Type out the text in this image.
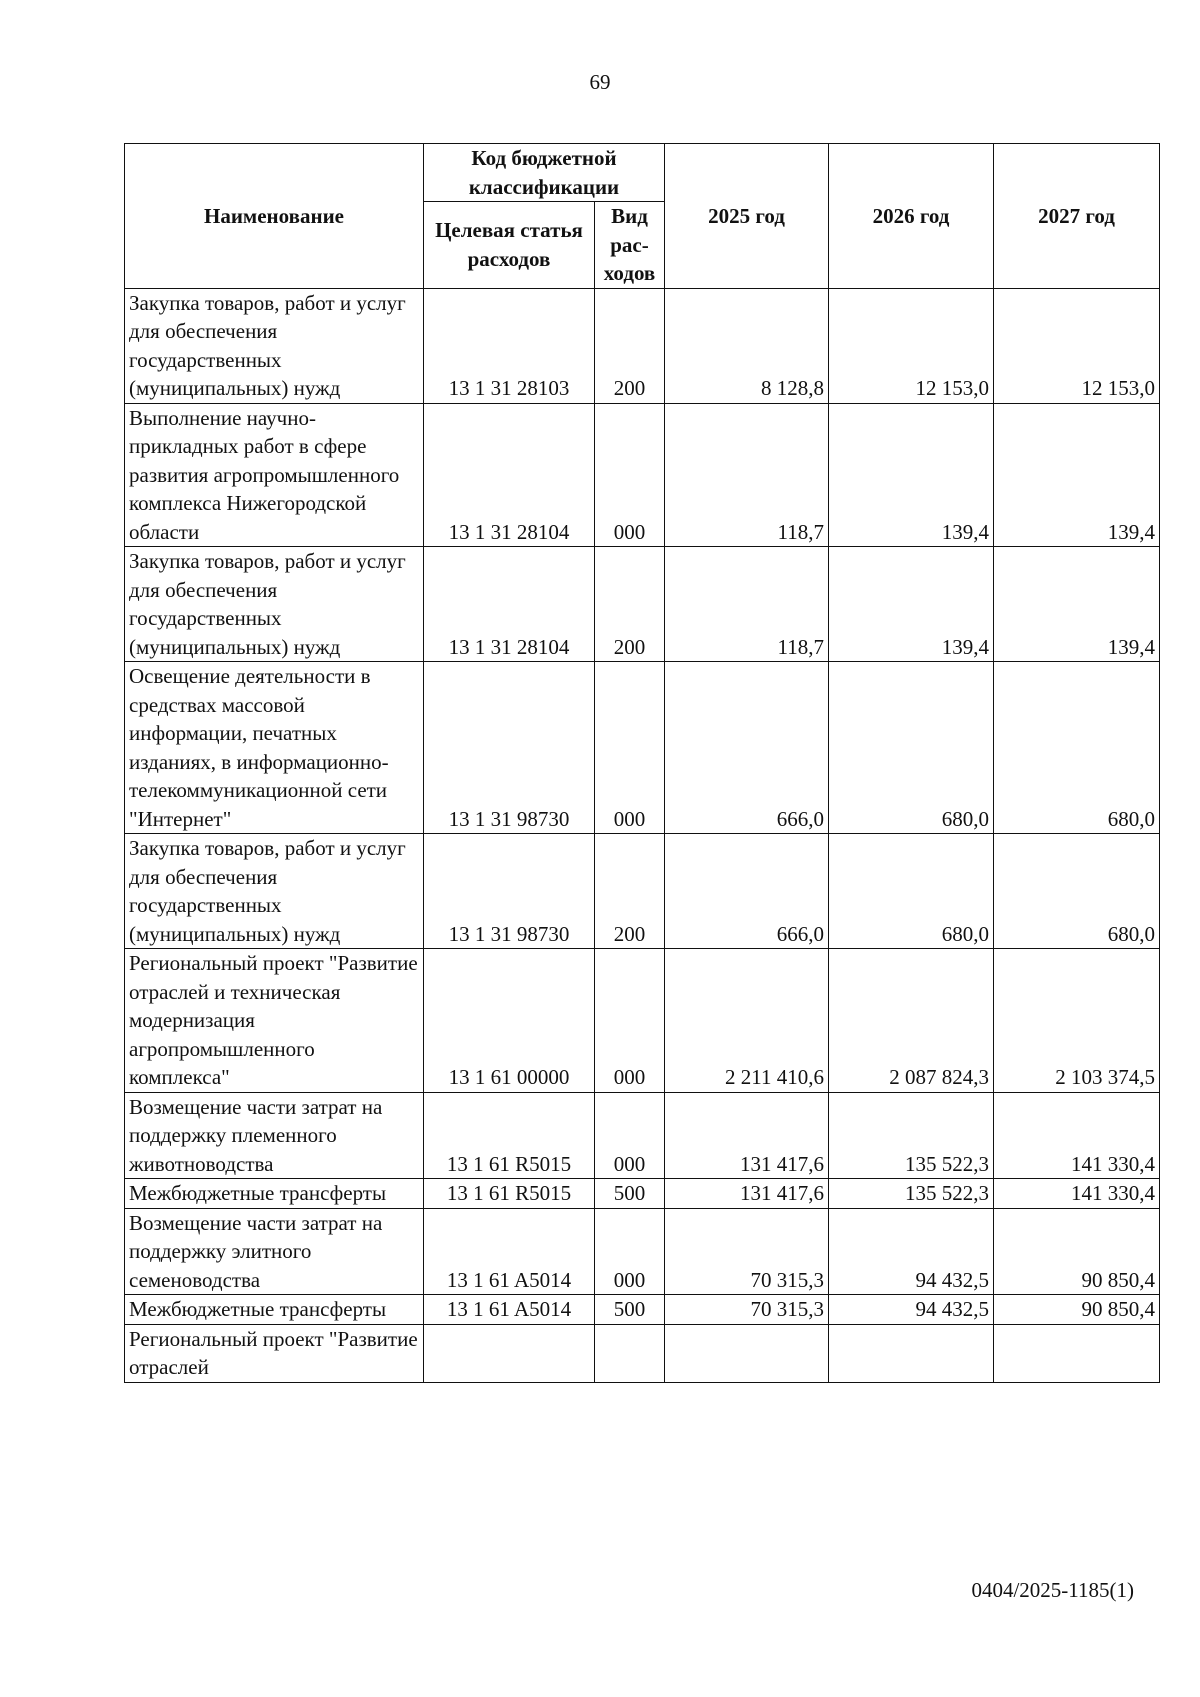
69
Наименование	Код бюджетной классификации		2025 год	2026 год	2027 год
	Целевая статья расходов	Вид рас-ходов			
Закупка товаров, работ и услуг для обеспечения государственных (муниципальных) нужд	13 1 31 28103	200	8 128,8	12 153,0	12 153,0
Выполнение научно-прикладных работ в сфере развития агропромышленного комплекса Нижегородской области	13 1 31 28104	000	118,7	139,4	139,4
Закупка товаров, работ и услуг для обеспечения государственных (муниципальных) нужд	13 1 31 28104	200	118,7	139,4	139,4
Освещение деятельности в средствах массовой информации, печатных изданиях, в информационно-телекоммуникационной сети "Интернет"	13 1 31 98730	000	666,0	680,0	680,0
Закупка товаров, работ и услуг для обеспечения государственных (муниципальных) нужд	13 1 31 98730	200	666,0	680,0	680,0
Региональный проект "Развитие отраслей и техническая модернизация агропромышленного комплекса"	13 1 61 00000	000	2 211 410,6	2 087 824,3	2 103 374,5
Возмещение части затрат на поддержку племенного животноводства	13 1 61 R5015	000	131 417,6	135 522,3	141 330,4
Межбюджетные трансферты	13 1 61 R5015	500	131 417,6	135 522,3	141 330,4
Возмещение части затрат на поддержку элитного семеноводства	13 1 61 A5014	000	70 315,3	94 432,5	90 850,4
Межбюджетные трансферты	13 1 61 A5014	500	70 315,3	94 432,5	90 850,4
Региональный проект "Развитие отраслей					
0404/2025-1185(1)
